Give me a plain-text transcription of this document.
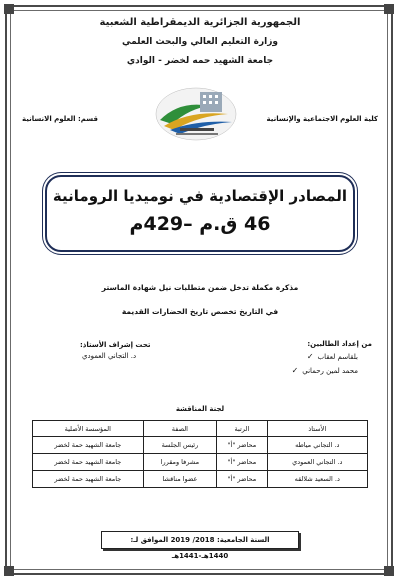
الجمهورية الجزائرية الديمقراطية الشعبية
وزارة التعليم العالي والبحث العلمي
جامعة الشهيد حمه لخضر - الوادي
كلية العلوم الاجتماعية والإنسانية
قسم: العلوم الانسانية
المصادر الإقتصادية في نوميديا الرومانية
46 ق.م –429م
مذكرة مكملة تدخل ضمن متطلبات نيل شهادة الماستر
في التاريخ تخصص تاريخ الحضارات القديمة
من إعداد الطالبين:
بلقاسم لعقاب
✓
محمد لمين رحماني
✓
تحت إشراف الأستاذ:
د. التجاني العمودي
لجنة المناقشة
الأستاذ	الرتبة	الصفة	المؤسسة الأصلية
د. التجاني مياطه	محاضر "أ"	رئيس الجلسة	جامعة الشهيد حمة لخضر
د. التجاني العمودي	محاضر "أ"	مشرفا ومقررا	جامعة الشهيد حمة لخضر
د. السعيد شلالقه	محاضر "أ"	عضوا مناقشا	جامعة الشهيد حمة لخضر
السنة الجامعية: 2018/ 2019 الموافق لـ: 1440هـ-1441هـ
